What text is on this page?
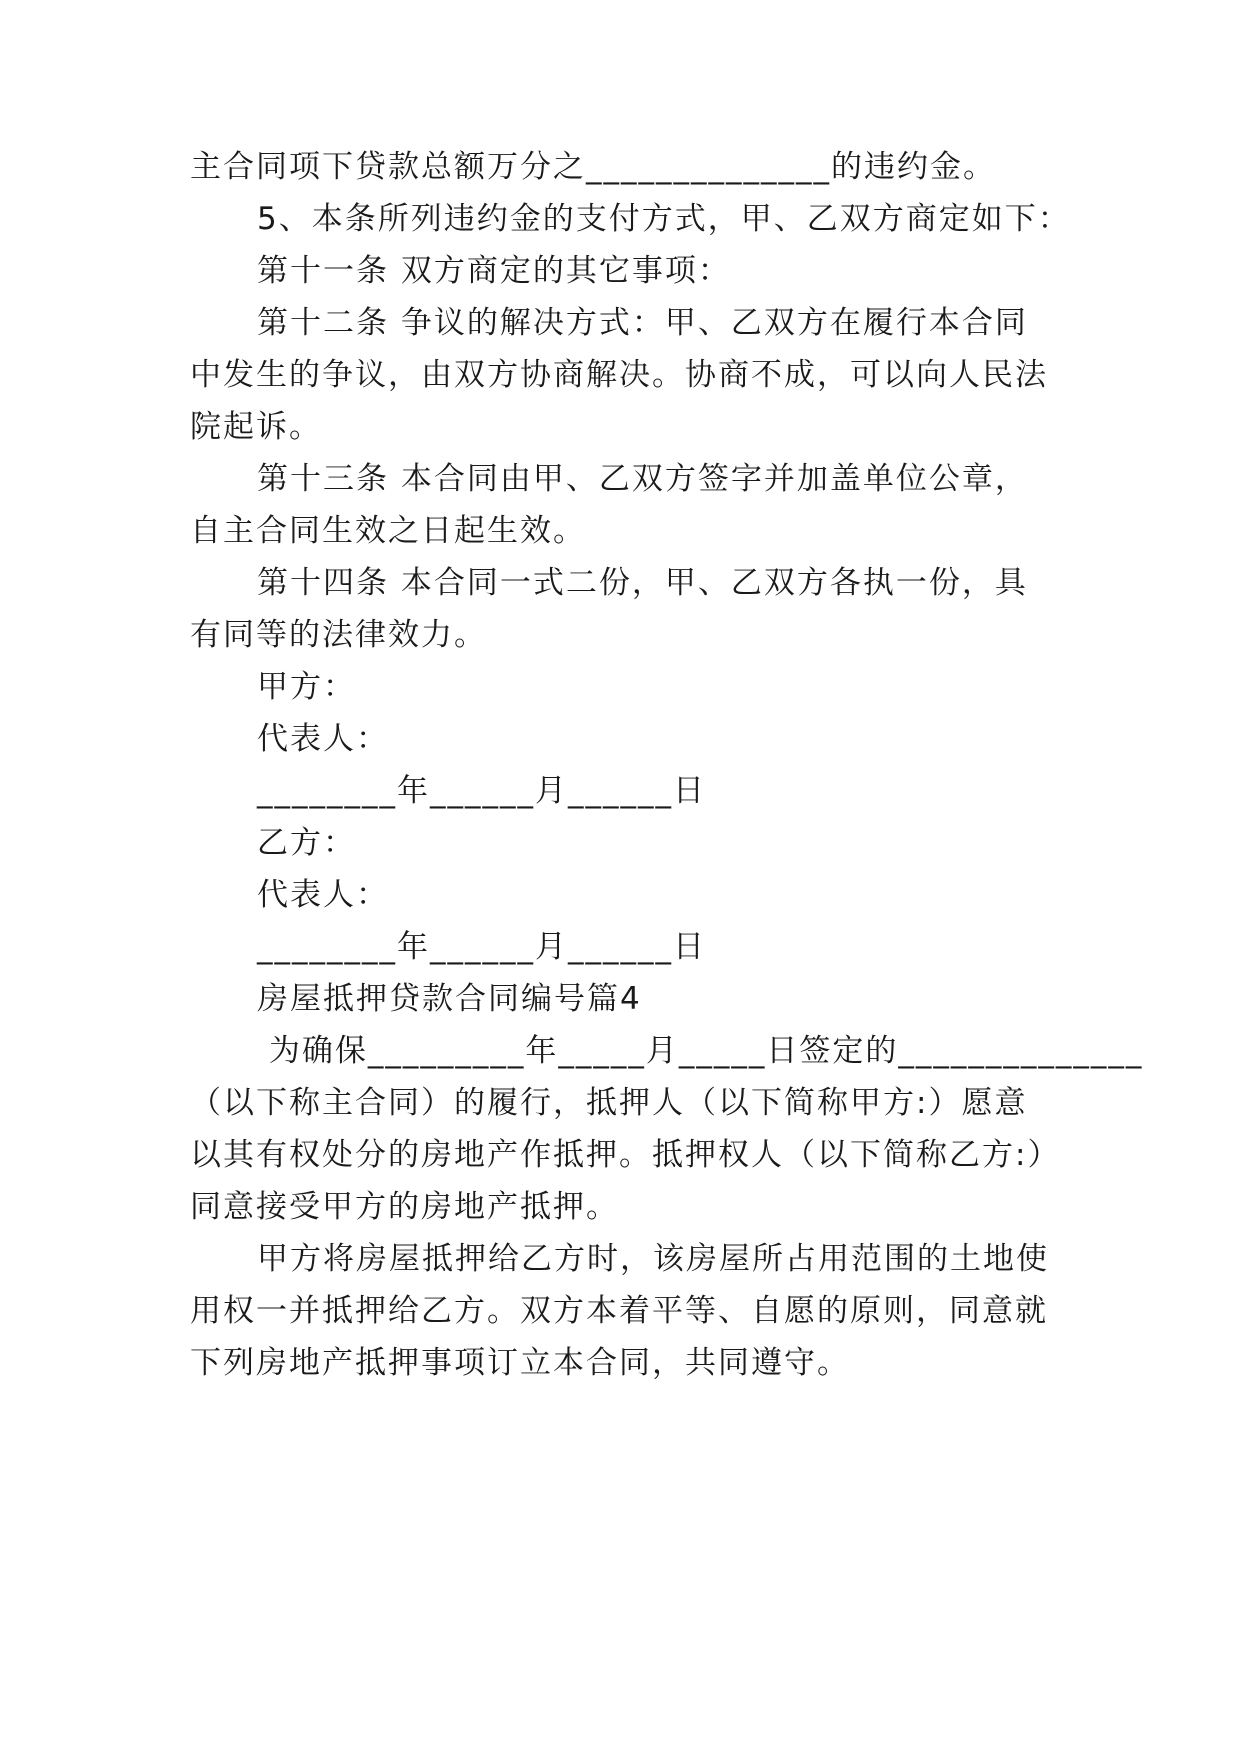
主合同项下贷款总额万分之______________的违约金。
5、本条所列违约金的支付方式，甲、乙双方商定如下：
第十一条 双方商定的其它事项：
第十二条 争议的解决方式：甲、乙双方在履行本合同
中发生的争议，由双方协商解决。协商不成，可以向人民法
院起诉。
第十三条 本合同由甲、乙双方签字并加盖单位公章，
自主合同生效之日起生效。
第十四条 本合同一式二份，甲、乙双方各执一份，具
有同等的法律效力。
甲方：
代表人：
________年______月______日
乙方：
代表人：
________年______月______日
房屋抵押贷款合同编号篇4
为确保_________年_____月_____日签定的______________
（以下称主合同）的履行，抵押人（以下简称甲方:）愿意
以其有权处分的房地产作抵押。抵押权人（以下简称乙方:）
同意接受甲方的房地产抵押。
甲方将房屋抵押给乙方时，该房屋所占用范围的土地使
用权一并抵押给乙方。双方本着平等、自愿的原则，同意就
下列房地产抵押事项订立本合同，共同遵守。
